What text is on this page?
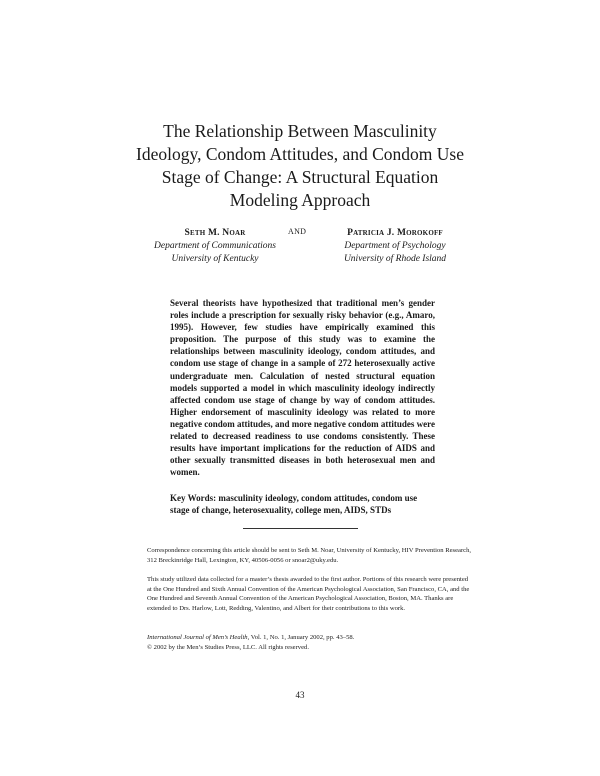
The Relationship Between Masculinity
Ideology, Condom Attitudes, and Condom Use
Stage of Change: A Structural Equation
Modeling Approach
Seth M. Noar
Department of Communications
University of Kentucky
AND	Patricia J. Morokoff
Department of Psychology
University of Rhode Island
Several theorists have hypothesized that traditional men’s gender roles include a prescription for sexually risky behavior (e.g., Amaro, 1995). However, few studies have empirically examined this proposition. The purpose of this study was to examine the relationships between masculinity ideology, condom attitudes, and condom use stage of change in a sample of 272 heterosexually active undergraduate men. Calculation of nested structural equation models supported a model in which masculinity ideology indirectly affected condom use stage of change by way of condom attitudes. Higher endorsement of masculinity ideology was related to more negative condom attitudes, and more negative condom attitudes were related to decreased readiness to use condoms consistently. These results have important implications for the reduction of AIDS and other sexually transmitted diseases in both heterosexual men and women.
Key Words: masculinity ideology, condom attitudes, condom use stage of change, heterosexuality, college men, AIDS, STDs
Correspondence concerning this article should be sent to Seth M. Noar, University of Kentucky, HIV Prevention Research, 312 Breckinridge Hall, Lexington, KY, 40506-0056 or snoar2@uky.edu.
This study utilized data collected for a master’s thesis awarded to the first author. Portions of this research were presented at the One Hundred and Sixth Annual Convention of the American Psychological Association, San Francisco, CA, and the One Hundred and Seventh Annual Convention of the American Psychological Association, Boston, MA. Thanks are extended to Drs. Harlow, Lott, Redding, Valentino, and Albert for their contributions to this work.
International Journal of Men’s Health, Vol. 1, No. 1, January 2002, pp. 43–58.
© 2002 by the Men’s Studies Press, LLC. All rights reserved.
43
